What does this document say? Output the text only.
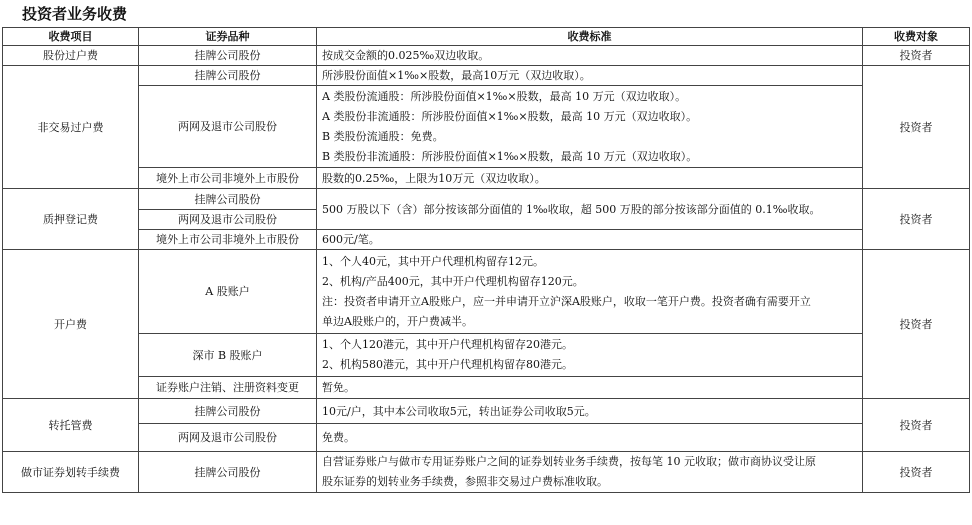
投资者业务收费
收费项目	证券品种	收费标准	收费对象
股份过户费	挂牌公司股份	按成交金额的0.025‰双边收取。	投资者
非交易过户费	挂牌公司股份	所涉股份面值×1‰×股数，最高10万元（双边收取）。	投资者
	两网及退市公司股份	A 类股份流通股：所涉股份面值×1‰×股数，最高 10 万元（双边收取）。
A 类股份非流通股：所涉股份面值×1‰×股数，最高 10 万元（双边收取）。
B 类股份流通股：免费。
B 类股份非流通股：所涉股份面值×1‰×股数，最高 10 万元（双边收取）。	

	境外上市公司非境外上市股份	股数的0.25‰，上限为10万元（双边收取）。	
质押登记费	挂牌公司股份	500 万股以下（含）部分按该部分面值的 1‰收取，超 500 万股的部分按该部分面值的 0.1‰收取。	投资者
	两网及退市公司股份		
	境外上市公司非境外上市股份	600元/笔。	
开户费	A 股账户	1、个人40元，其中开户代理机构留存12元。
2、机构/产品400元，其中开户代理机构留存120元。
注：投资者申请开立A股账户，应一并申请开立沪深A股账户，收取一笔开户费。投资者确有需要开立
单边A股账户的，开户费减半。	投资者
	深市 B 股账户	1、个人120港元，其中开户代理机构留存20港元。
2、机构580港元，其中开户代理机构留存80港元。	

	证券账户注销、注册资料变更	暂免。	
转托管费	挂牌公司股份	10元/户，其中本公司收取5元，转出证券公司收取5元。	投资者
	两网及退市公司股份	免费。	
做市证券划转手续费	挂牌公司股份	自营证券账户与做市专用证券账户之间的证券划转业务手续费，按每笔 10 元收取；做市商协议受让原
股东证券的划转业务手续费，参照非交易过户费标准收取。	投资者
